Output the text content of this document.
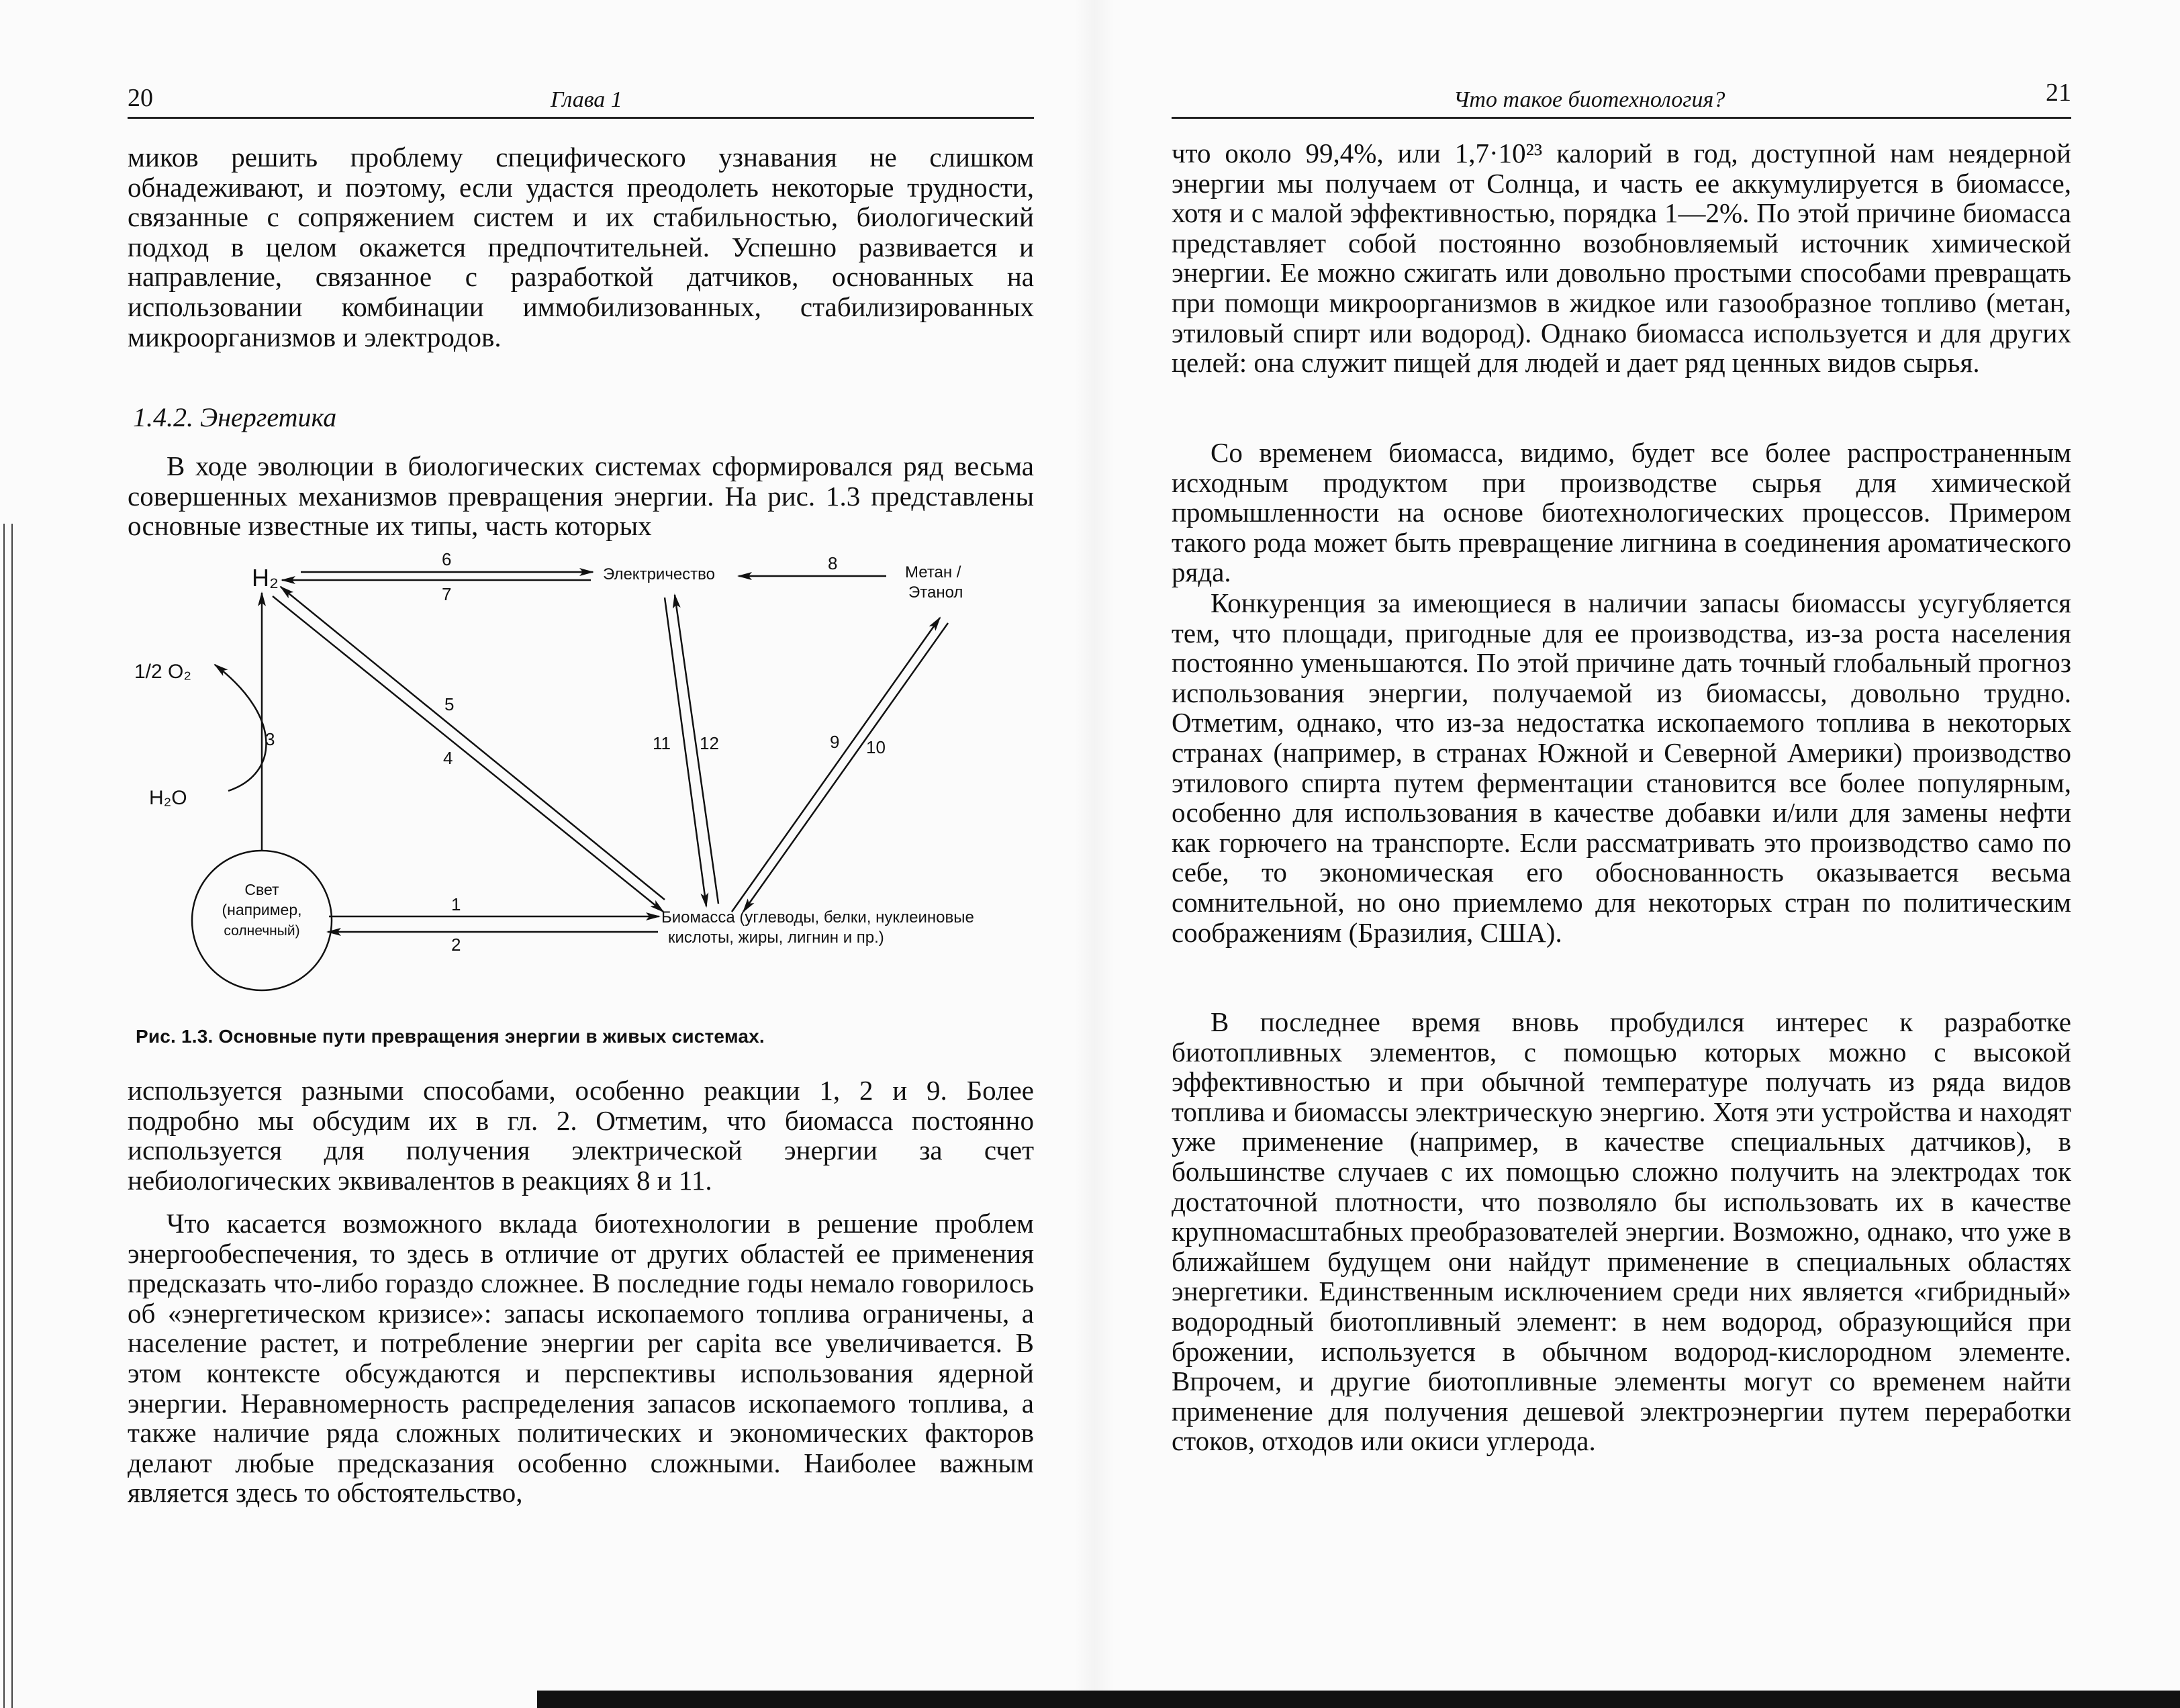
20	Глава 1

миков решить проблему специфического узнавания не слишком обнадеживают, и поэтому, если удастся преодолеть некоторые трудности, связанные с сопряжением систем и их стабильностью, биологический подход в целом окажется предпочтительней. Успешно развивается и направление, связанное с разработкой датчиков, основанных на использовании комбинации иммобилизованных, стабилизированных микроорганизмов и электродов.

1.4.2. Энергетика

В ходе эволюции в биологических системах сформировался ряд весьма совершенных механизмов превращения энергии. На рис. 1.3 представлены основные известные их типы, часть которых

H₂	Электричество	Метан /
Этанол
1/2 O₂
H₂O
Свет
(например,
солнечный)
Биомасса (углеводы, белки, нуклеиновые
кислоты, жиры, лигнин и пр.)
6
7
8
3
5
4
11 12	9 10
1
2
Рис. 1.3. Основные пути превращения энергии в живых системах.

используется разными способами, особенно реакции 1, 2 и 9. Более подробно мы обсудим их в гл. 2. Отметим, что биомасса постоянно используется для получения электрической энергии за счет небиологических эквивалентов в реакциях 8 и 11.

Что касается возможного вклада биотехнологии в решение проблем энергообеспечения, то здесь в отличие от других областей ее применения предсказать что-либо гораздо сложнее. В последние годы немало говорилось об «энергетическом кризисе»: запасы ископаемого топлива ограничены, а население растет, и потребление энергии per capita все увеличивается. В этом контексте обсуждаются и перспективы использования ядерной энергии. Неравномерность распределения запасов ископаемого топлива, а также наличие ряда сложных политических и экономических факторов делают любые предсказания особенно сложными. Наиболее важным является здесь то обстоятельство,

Что такое биотехнология?	21

что около 99,4%, или 1,7·10²³ калорий в год, доступной нам неядерной энергии мы получаем от Солнца, и часть ее аккумулируется в биомассе, хотя и с малой эффективностью, порядка 1—2%. По этой причине биомасса представляет собой постоянно возобновляемый источник химической энергии. Ее можно сжигать или довольно простыми способами превращать при помощи микроорганизмов в жидкое или газообразное топливо (метан, этиловый спирт или водород). Однако биомасса используется и для других целей: она служит пищей для людей и дает ряд ценных видов сырья.

Со временем биомасса, видимо, будет все более распространенным исходным продуктом при производстве сырья для химической промышленности на основе биотехнологических процессов. Примером такого рода может быть превращение лигнина в соединения ароматического ряда.

Конкуренция за имеющиеся в наличии запасы биомассы усугубляется тем, что площади, пригодные для ее производства, из-за роста населения постоянно уменьшаются. По этой причине дать точный глобальный прогноз использования энергии, получаемой из биомассы, довольно трудно. Отметим, однако, что из-за недостатка ископаемого топлива в некоторых странах (например, в странах Южной и Северной Америки) производство этилового спирта путем ферментации становится все более популярным, особенно для использования в качестве добавки и/или для замены нефти как горючего на транспорте. Если рассматривать это производство само по себе, то экономическая его обоснованность оказывается весьма сомнительной, но оно приемлемо для некоторых стран по политическим соображениям (Бразилия, США).

В последнее время вновь пробудился интерес к разработке биотопливных элементов, с помощью которых можно с высокой эффективностью и при обычной температуре получать из ряда видов топлива и биомассы электрическую энергию. Хотя эти устройства и находят уже применение (например, в качестве специальных датчиков), в большинстве случаев с их помощью сложно получить на электродах ток достаточной плотности, что позволяло бы использовать их в качестве крупномасштабных преобразователей энергии. Возможно, однако, что уже в ближайшем будущем они найдут применение в специальных областях энергетики. Единственным исключением среди них является «гибридный» водородный биотопливный элемент: в нем водород, образующийся при брожении, используется в обычном водород-кислородном элементе. Впрочем, и другие биотопливные элементы могут со временем найти применение для получения дешевой электроэнергии путем переработки стоков, отходов или окиси углерода.
